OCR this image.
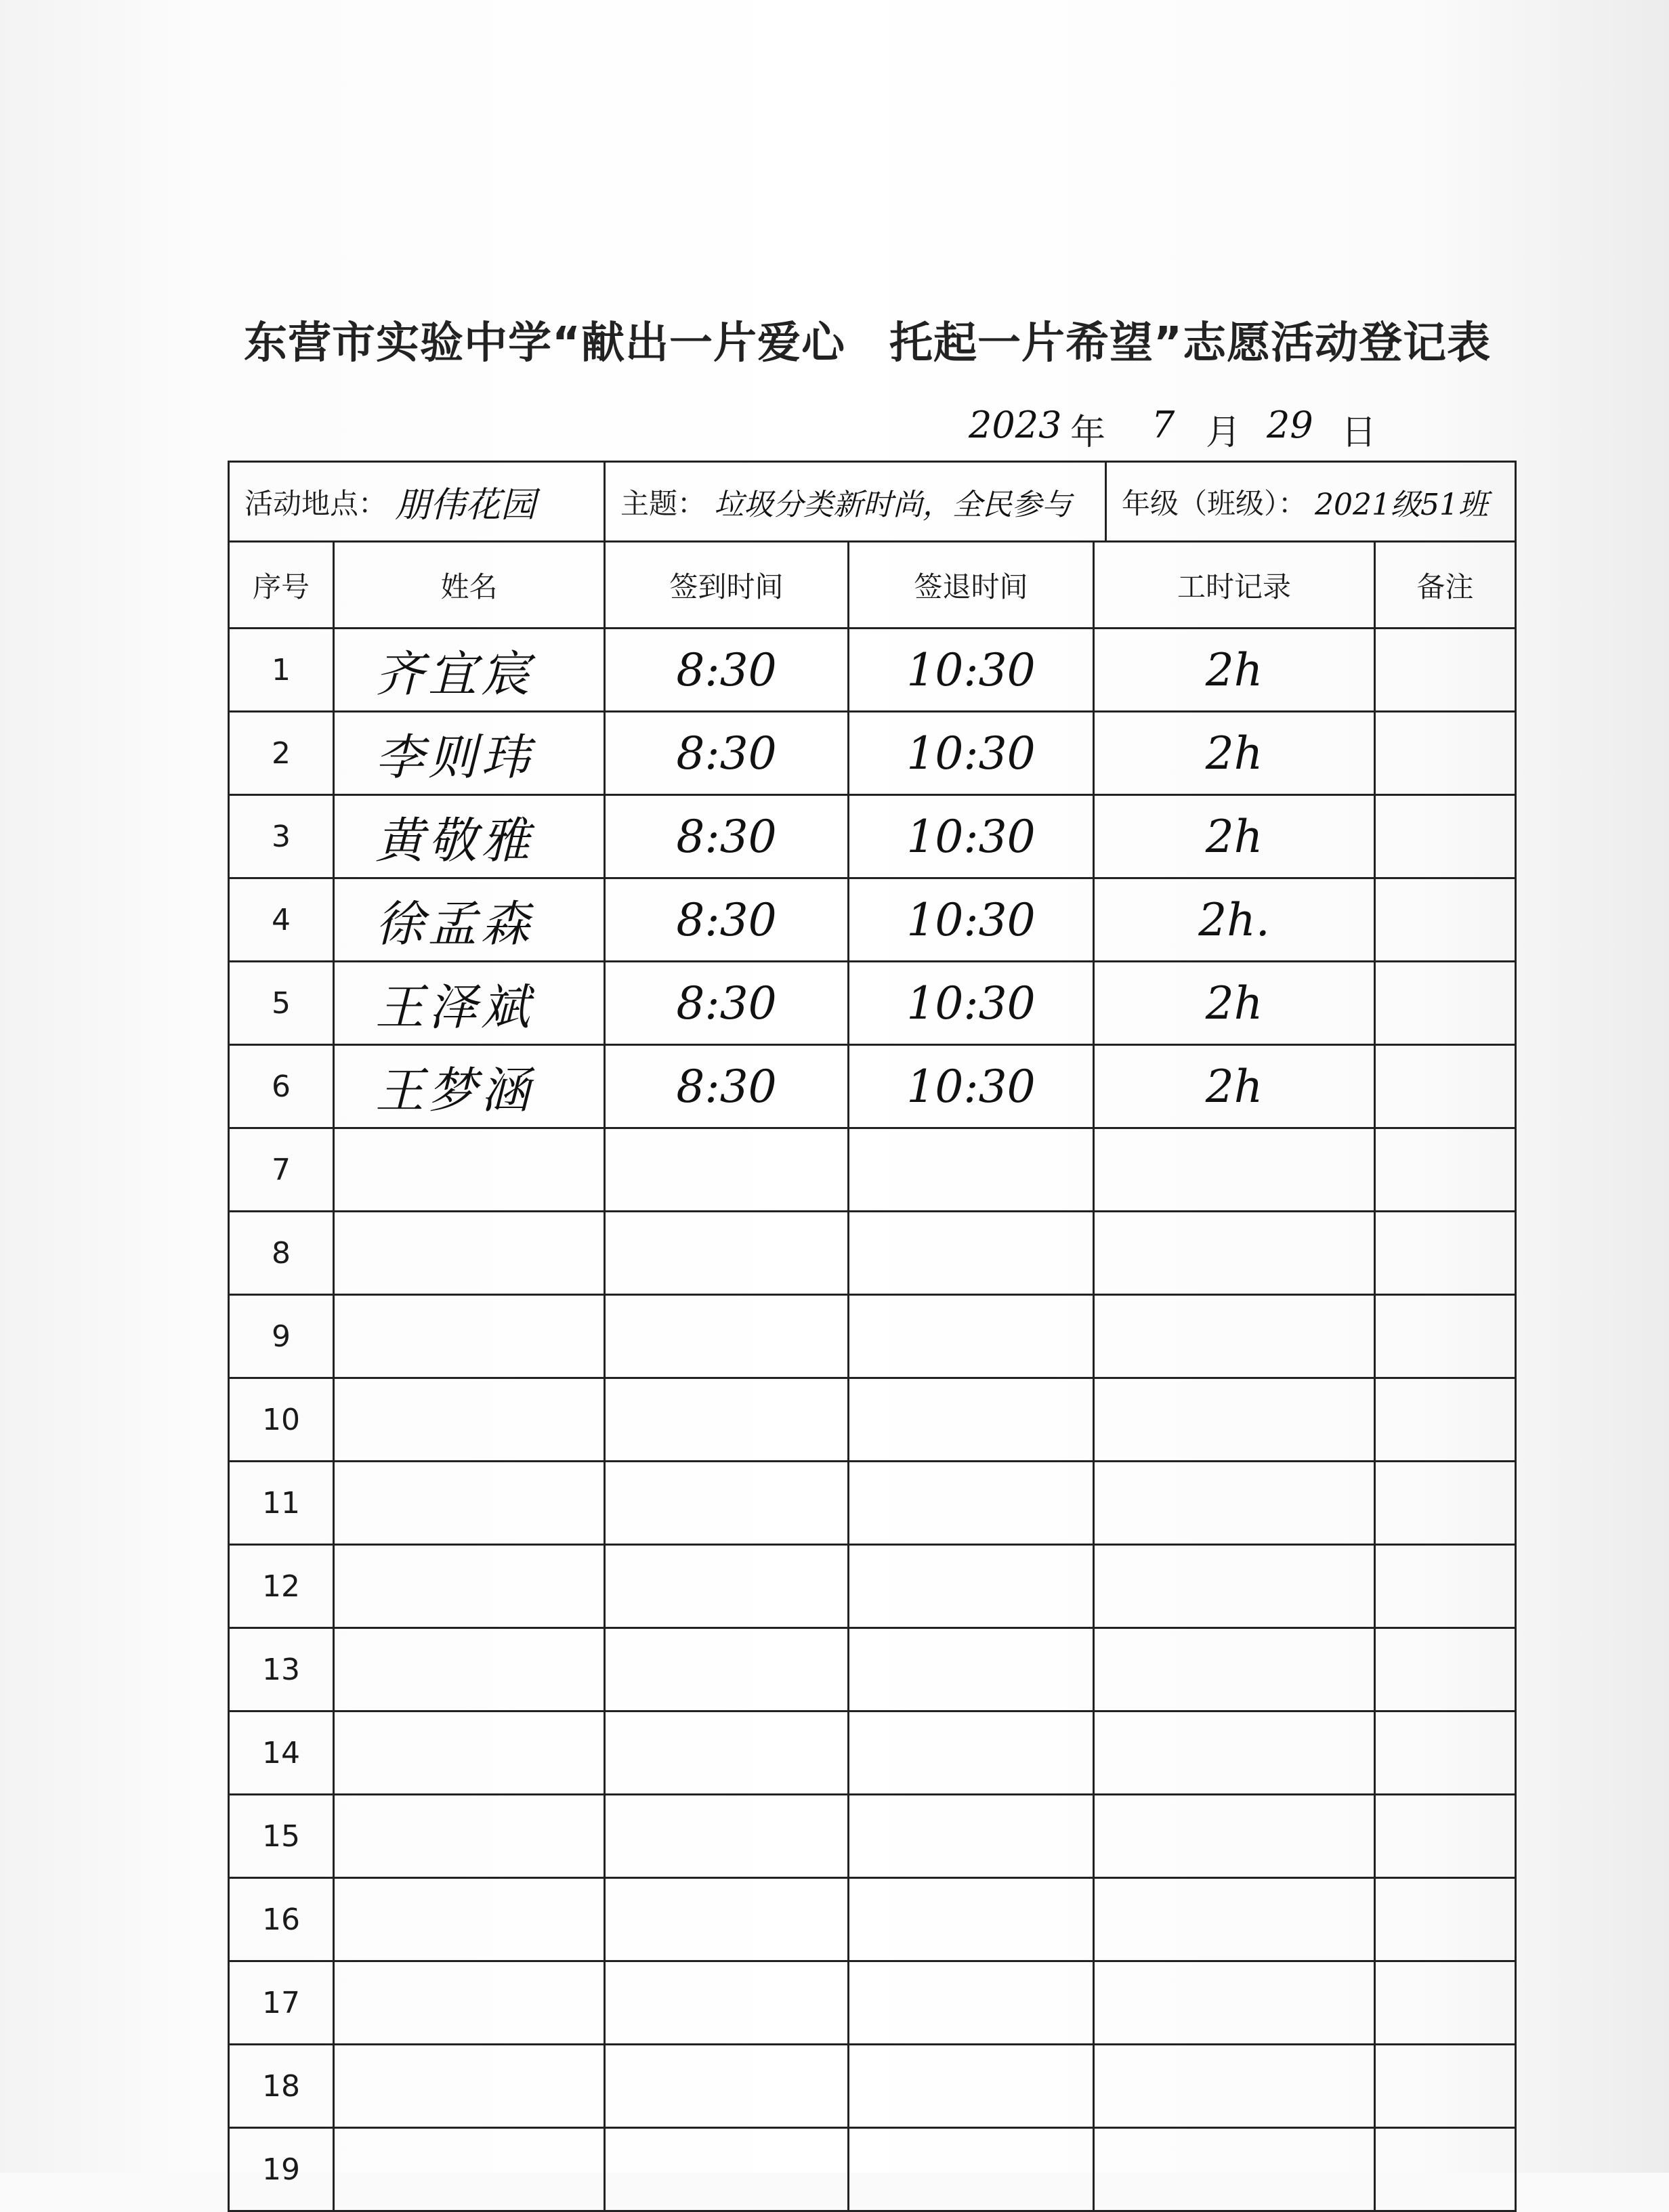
东营市实验中学“献出一片爱心　托起一片希望”志愿活动登记表
2023 年 7 月 29 日
活动地点： 朋伟花园	主题： 垃圾分类新时尚，全民参与 年级（班级）： 2021级51班
序号	姓名	签到时间	签退时间	工时记录	备注
1	齐宜宸	8:30	10:30	2h
2	李则玮	8:30	10:30	2h
3	黄敬雅	8:30	10:30	2h
4	徐孟森	8:30	10:30	2h.
5	王泽斌	8:30	10:30	2h
6	王梦涵	8:30	10:30	2h
7
8
9
10
11
12
13
14
15
16
17
18
19
